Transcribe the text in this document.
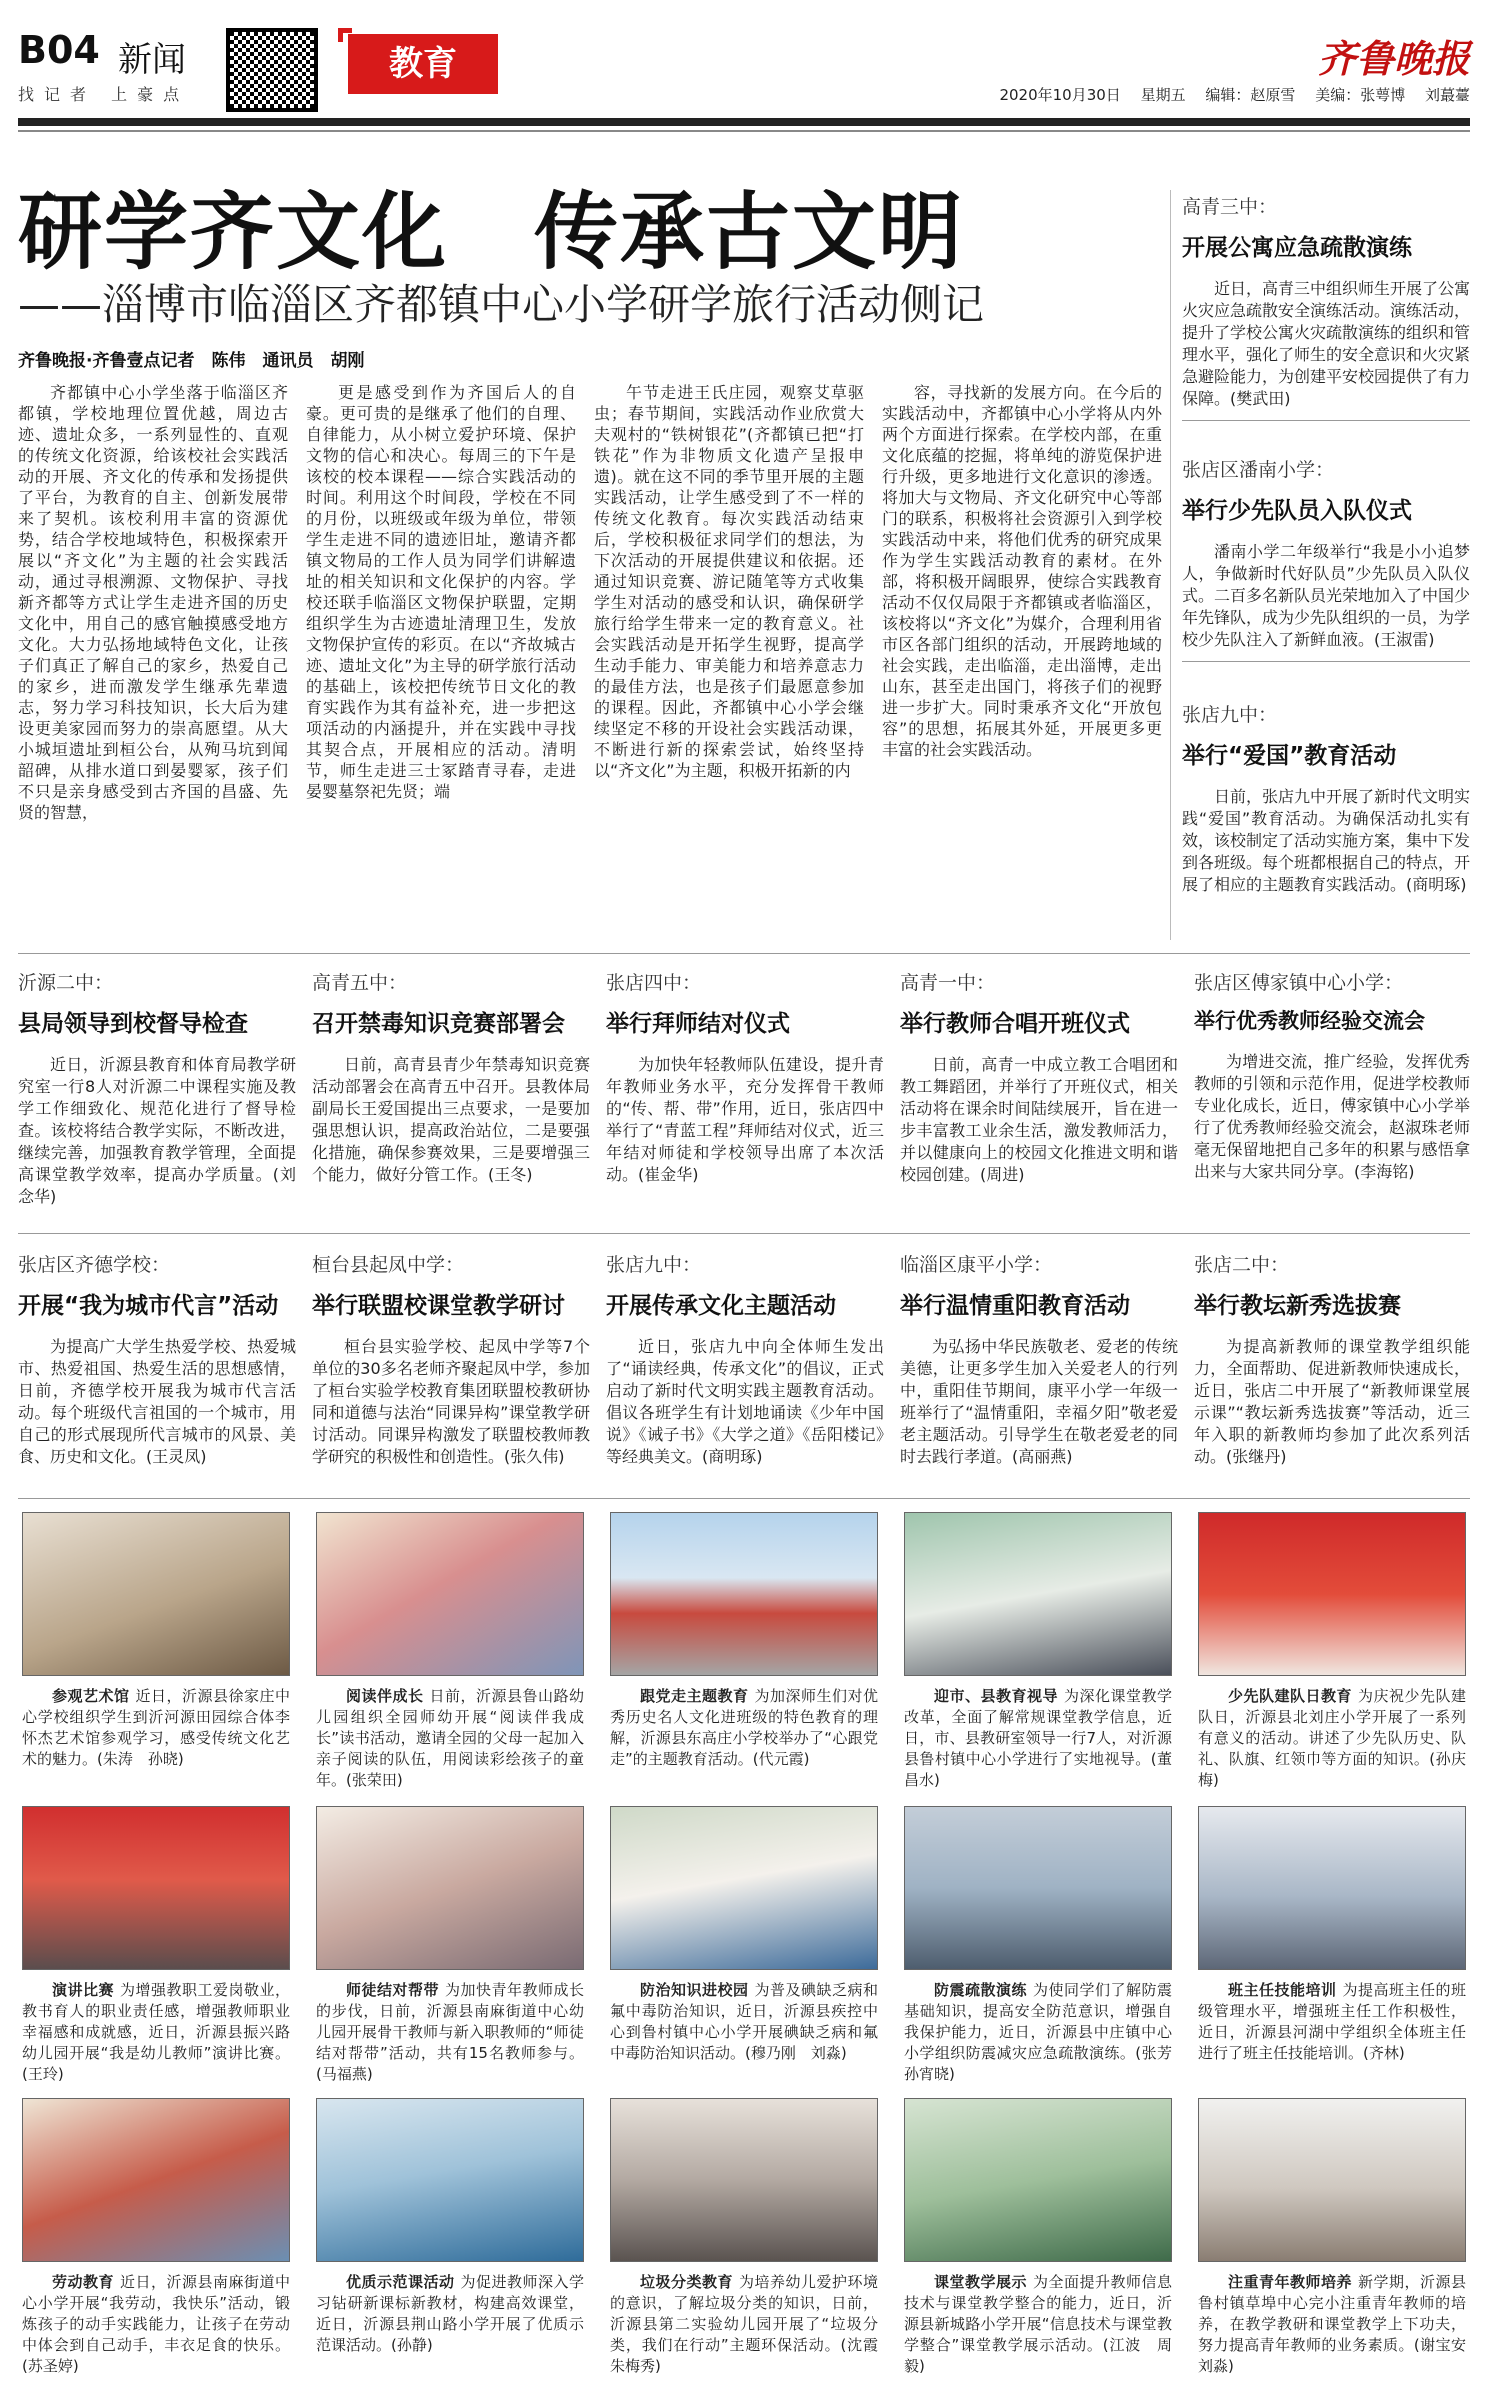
B04 新闻
找记者 上豪点
教育	齐鲁晚报
2020年10月30日　 星期五　 编辑：赵原雪　 美编：张萼博　 刘蕞薹
研学齐文化　传承古文明
——淄博市临淄区齐都镇中心小学研学旅行活动侧记
齐鲁晚报·齐鲁壹点记者　陈伟　通讯员　胡刚

齐都镇中心小学坐落于临淄区齐都镇，学校地理位置优越，周边古迹、遗址众多，一系列显性的、直观的传统文化资源，给该校社会实践活动的开展、齐文化的传承和发扬提供了平台，为教育的自主、创新发展带来了契机。该校利用丰富的资源优势，结合学校地域特色，积极探索开展以“齐文化”为主题的社会实践活动，通过寻根溯源、文物保护、寻找新齐都等方式让学生走进齐国的历史文化中，用自己的感官触摸感受地方文化。大力弘扬地域特色文化，让孩子们真正了解自己的家乡，热爱自己的家乡，进而激发学生继承先辈遗志，努力学习科技知识，长大后为建设更美家园而努力的崇高愿望。从大小城垣遗址到桓公台，从殉马坑到闻韶碑，从排水道口到晏婴冢，孩子们不只是亲身感受到古齐国的昌盛、先贤的智慧，

更是感受到作为齐国后人的自豪。更可贵的是继承了他们的自理、自律能力，从小树立爱护环境、保护文物的信心和决心。每周三的下午是该校的校本课程——综合实践活动的时间。利用这个时间段，学校在不同的月份，以班级或年级为单位，带领学生走进不同的遗迹旧址，邀请齐都镇文物局的工作人员为同学们讲解遗址的相关知识和文化保护的内容。学校还联手临淄区文物保护联盟，定期组织学生为古迹遗址清理卫生，发放文物保护宣传的彩页。在以“齐故城古迹、遗址文化”为主导的研学旅行活动的基础上，该校把传统节日文化的教育实践作为其有益补充，进一步把这项活动的内涵提升，并在实践中寻找其契合点，开展相应的活动。清明节，师生走进三士冢踏青寻春，走进晏婴墓祭祀先贤；端

午节走进王氏庄园，观察艾草驱虫；春节期间，实践活动作业欣赏大夫观村的“铁树银花”(齐都镇已把“打铁花”作为非物质文化遗产呈报申遗)。就在这不同的季节里开展的主题实践活动，让学生感受到了不一样的传统文化教育。每次实践活动结束后，学校积极征求同学们的想法，为下次活动的开展提供建议和依据。还通过知识竞赛、游记随笔等方式收集学生对活动的感受和认识，确保研学旅行给学生带来一定的教育意义。社会实践活动是开拓学生视野，提高学生动手能力、审美能力和培养意志力的最佳方法，也是孩子们最愿意参加的课程。因此，齐都镇中心小学会继续坚定不移的开设社会实践活动课，不断进行新的探索尝试，始终坚持以“齐文化”为主题，积极开拓新的内

容，寻找新的发展方向。在今后的实践活动中，齐都镇中心小学将从内外两个方面进行探索。在学校内部，在重文化底蕴的挖掘，将单纯的游览保护进行升级，更多地进行文化意识的渗透。将加大与文物局、齐文化研究中心等部门的联系，积极将社会资源引入到学校实践活动中来，将他们优秀的研究成果作为学生实践活动教育的素材。在外部，将积极开阔眼界，使综合实践教育活动不仅仅局限于齐都镇或者临淄区，该校将以“齐文化”为媒介，合理利用省市区各部门组织的活动，开展跨地域的社会实践，走出临淄，走出淄博，走出山东，甚至走出国门，将孩子们的视野进一步扩大。同时秉承齐文化“开放包容”的思想，拓展其外延，开展更多更丰富的社会实践活动。

高青三中：
开展公寓应急疏散演练
近日，高青三中组织师生开展了公寓火灾应急疏散安全演练活动。演练活动，提升了学校公寓火灾疏散演练的组织和管理水平，强化了师生的安全意识和火灾紧急避险能力，为创建平安校园提供了有力保障。(樊武田)
张店区潘南小学：
举行少先队员入队仪式
潘南小学二年级举行“我是小小追梦人，争做新时代好队员”少先队员入队仪式。二百多名新队员光荣地加入了中国少年先锋队，成为少先队组织的一员，为学校少先队注入了新鲜血液。(王淑雷)
张店九中：
举行“爱国”教育活动
日前，张店九中开展了新时代文明实践“爱国”教育活动。为确保活动扎实有效，该校制定了活动实施方案，集中下发到各班级。每个班都根据自己的特点，开展了相应的主题教育实践活动。(商明琢)
沂源二中：
县局领导到校督导检查
近日，沂源县教育和体育局教学研究室一行8人对沂源二中课程实施及教学工作细致化、规范化进行了督导检查。该校将结合教学实际，不断改进，继续完善，加强教育教学管理，全面提高课堂教学效率，提高办学质量。(刘念华)
高青五中：
召开禁毒知识竞赛部署会
日前，高青县青少年禁毒知识竞赛活动部署会在高青五中召开。县教体局副局长王爱国提出三点要求，一是要加强思想认识，提高政治站位，二是要强化措施，确保参赛效果，三是要增强三个能力，做好分管工作。(王冬)
张店四中：
举行拜师结对仪式
为加快年轻教师队伍建设，提升青年教师业务水平，充分发挥骨干教师的“传、帮、带”作用，近日，张店四中举行了“青蓝工程”拜师结对仪式，近三年结对师徒和学校领导出席了本次活动。(崔金华)
高青一中：
举行教师合唱开班仪式
日前，高青一中成立教工合唱团和教工舞蹈团，并举行了开班仪式，相关活动将在课余时间陆续展开，旨在进一步丰富教工业余生活，激发教师活力，并以健康向上的校园文化推进文明和谐校园创建。(周进)
张店区傅家镇中心小学：
举行优秀教师经验交流会
为增进交流，推广经验，发挥优秀教师的引领和示范作用，促进学校教师专业化成长，近日，傅家镇中心小学举行了优秀教师经验交流会，赵淑珠老师毫无保留地把自己多年的积累与感悟拿出来与大家共同分享。(李海铭)
张店区齐德学校：
开展“我为城市代言”活动
为提高广大学生热爱学校、热爱城市、热爱祖国、热爱生活的思想感情，日前，齐德学校开展我为城市代言活动。每个班级代言祖国的一个城市，用自己的形式展现所代言城市的风景、美食、历史和文化。(王灵凤)
桓台县起凤中学：
举行联盟校课堂教学研讨
桓台县实验学校、起凤中学等7个单位的30多名老师齐聚起凤中学，参加了桓台实验学校教育集团联盟校教研协同和道德与法治“同课异构”课堂教学研讨活动。同课异构激发了联盟校教师教学研究的积极性和创造性。(张久伟)
张店九中：
开展传承文化主题活动
近日，张店九中向全体师生发出了“诵读经典，传承文化”的倡议，正式启动了新时代文明实践主题教育活动。倡议各班学生有计划地诵读《少年中国说》《诫子书》《大学之道》《岳阳楼记》等经典美文。(商明琢)
临淄区康平小学：
举行温情重阳教育活动
为弘扬中华民族敬老、爱老的传统美德，让更多学生加入关爱老人的行列中，重阳佳节期间，康平小学一年级一班举行了“温情重阳，幸福夕阳”敬老爱老主题活动。引导学生在敬老爱老的同时去践行孝道。(高丽燕)
张店二中：
举行教坛新秀选拔赛
为提高新教师的课堂教学组织能力，全面帮助、促进新教师快速成长，近日，张店二中开展了“新教师课堂展示课”“教坛新秀选拔赛”等活动，近三年入职的新教师均参加了此次系列活动。(张继丹)
参观艺术馆 近日，沂源县徐家庄中心学校组织学生到沂河源田园综合体李怀杰艺术馆参观学习，感受传统文化艺术的魅力。(朱涛　孙晓)
阅读伴成长 日前，沂源县鲁山路幼儿园组织全园师幼开展“阅读伴我成长”读书活动，邀请全园的父母一起加入亲子阅读的队伍，用阅读彩绘孩子的童年。(张荣田)
跟党走主题教育 为加深师生们对优秀历史名人文化进班级的特色教育的理解，沂源县东高庄小学校举办了“心跟党走”的主题教育活动。(代元霞)
迎市、县教育视导 为深化课堂教学改革，全面了解常规课堂教学信息，近日，市、县教研室领导一行7人，对沂源县鲁村镇中心小学进行了实地视导。(董昌水)
少先队建队日教育 为庆祝少先队建队日，沂源县北刘庄小学开展了一系列有意义的活动。讲述了少先队历史、队礼、队旗、红领巾等方面的知识。(孙庆梅)
演讲比赛 为增强教职工爱岗敬业，教书育人的职业责任感，增强教师职业幸福感和成就感，近日，沂源县振兴路幼儿园开展“我是幼儿教师”演讲比赛。(王玲)
师徒结对帮带 为加快青年教师成长的步伐，日前，沂源县南麻街道中心幼儿园开展骨干教师与新入职教师的“师徒结对帮带”活动，共有15名教师参与。(马福燕)
防治知识进校园 为普及碘缺乏病和氟中毒防治知识，近日，沂源县疾控中心到鲁村镇中心小学开展碘缺乏病和氟中毒防治知识活动。(穆乃刚　刘淼)
防震疏散演练 为使同学们了解防震基础知识，提高安全防范意识，增强自我保护能力，近日，沂源县中庄镇中心小学组织防震减灾应急疏散演练。(张芳　孙宵晓)
班主任技能培训 为提高班主任的班级管理水平，增强班主任工作积极性，近日，沂源县河湖中学组织全体班主任进行了班主任技能培训。(齐林)
劳动教育 近日，沂源县南麻街道中心小学开展“我劳动，我快乐”活动，锻炼孩子的动手实践能力，让孩子在劳动中体会到自己动手，丰衣足食的快乐。(苏圣婷)
优质示范课活动 为促进教师深入学习钻研新课标新教材，构建高效课堂，近日，沂源县荆山路小学开展了优质示范课活动。(孙静)
垃圾分类教育 为培养幼儿爱护环境的意识，了解垃圾分类的知识，日前，沂源县第二实验幼儿园开展了“垃圾分类，我们在行动”主题环保活动。(沈霞　朱梅秀)
课堂教学展示 为全面提升教师信息技术与课堂教学整合的能力，近日，沂源县新城路小学开展“信息技术与课堂教学整合”课堂教学展示活动。(江波　周毅)
注重青年教师培养 新学期，沂源县鲁村镇草埠中心完小注重青年教师的培养，在教学教研和课堂教学上下功夫，努力提高青年教师的业务素质。(谢宝安　刘淼)
